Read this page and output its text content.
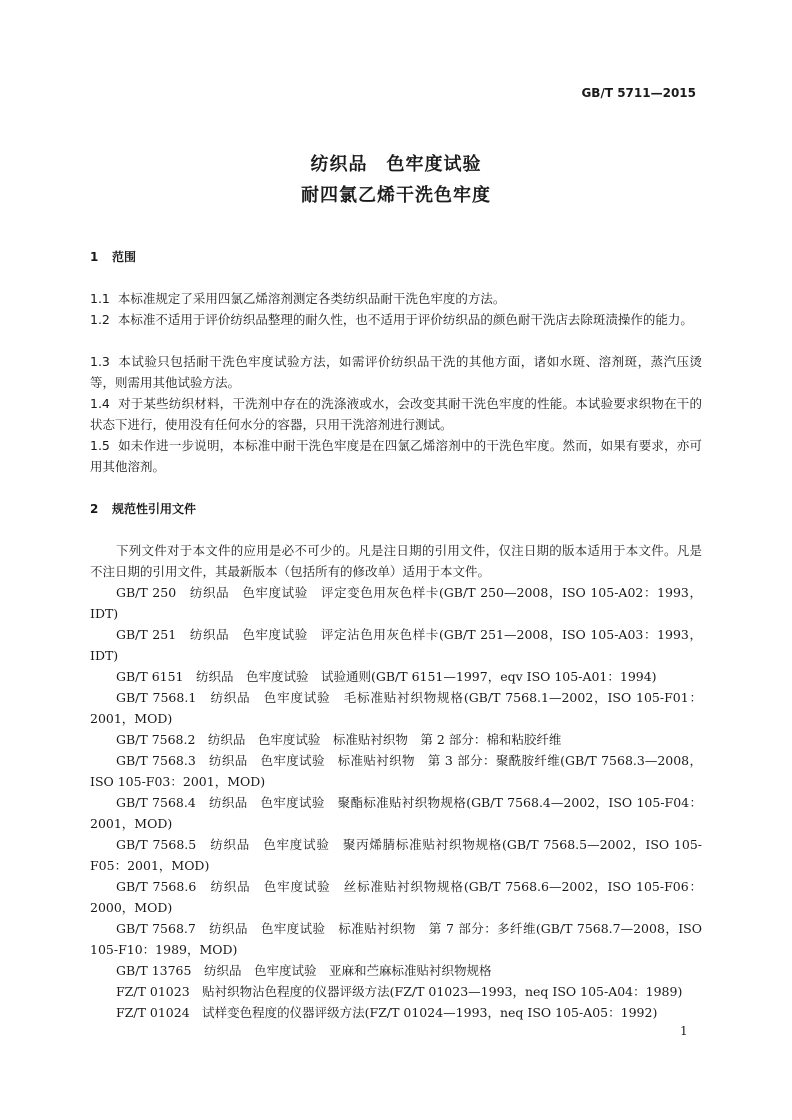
GB/T 5711—2015
纺织品　色牢度试验
耐四氯乙烯干洗色牢度
1 范围
1.1 本标准规定了采用四氯乙烯溶剂测定各类纺织品耐干洗色牢度的方法。
1.2 本标准不适用于评价纺织品整理的耐久性，也不适用于评价纺织品的颜色耐干洗店去除斑渍操作的能力。
1.3 本试验只包括耐干洗色牢度试验方法，如需评价纺织品干洗的其他方面，诸如水斑、溶剂斑，蒸汽压烫等，则需用其他试验方法。
1.4 对于某些纺织材料，干洗剂中存在的洗涤液或水，会改变其耐干洗色牢度的性能。本试验要求织物在干的状态下进行，使用没有任何水分的容器，只用干洗溶剂进行测试。
1.5 如未作进一步说明，本标准中耐干洗色牢度是在四氯乙烯溶剂中的干洗色牢度。然而，如果有要求，亦可用其他溶剂。
2 规范性引用文件
下列文件对于本文件的应用是必不可少的。凡是注日期的引用文件，仅注日期的版本适用于本文件。凡是不注日期的引用文件，其最新版本（包括所有的修改单）适用于本文件。
GB/T 250　纺织品　色牢度试验　评定变色用灰色样卡(GB/T 250—2008，ISO 105-A02：1993，IDT)
GB/T 251　纺织品　色牢度试验　评定沾色用灰色样卡(GB/T 251—2008，ISO 105-A03：1993，IDT)
GB/T 6151　纺织品　色牢度试验　试验通则(GB/T 6151—1997，eqv ISO 105-A01：1994)
GB/T 7568.1　纺织品　色牢度试验　毛标准贴衬织物规格(GB/T 7568.1—2002，ISO 105-F01：2001，MOD)
GB/T 7568.2　纺织品　色牢度试验　标准贴衬织物　第 2 部分：棉和粘胶纤维
GB/T 7568.3　纺织品　色牢度试验　标准贴衬织物　第 3 部分：聚酰胺纤维(GB/T 7568.3—2008，ISO 105-F03：2001，MOD)
GB/T 7568.4　纺织品　色牢度试验　聚酯标准贴衬织物规格(GB/T 7568.4—2002，ISO 105-F04：2001，MOD)
GB/T 7568.5　纺织品　色牢度试验　聚丙烯腈标准贴衬织物规格(GB/T 7568.5—2002，ISO 105-F05：2001，MOD)
GB/T 7568.6　纺织品　色牢度试验　丝标准贴衬织物规格(GB/T 7568.6—2002，ISO 105-F06：2000，MOD)
GB/T 7568.7　纺织品　色牢度试验　标准贴衬织物　第 7 部分：多纤维(GB/T 7568.7—2008，ISO 105-F10：1989，MOD)
GB/T 13765　纺织品　色牢度试验　亚麻和苎麻标准贴衬织物规格
FZ/T 01023　贴衬织物沾色程度的仪器评级方法(FZ/T 01023—1993，neq ISO 105-A04：1989)
FZ/T 01024　试样变色程度的仪器评级方法(FZ/T 01024—1993，neq ISO 105-A05：1992)
1
